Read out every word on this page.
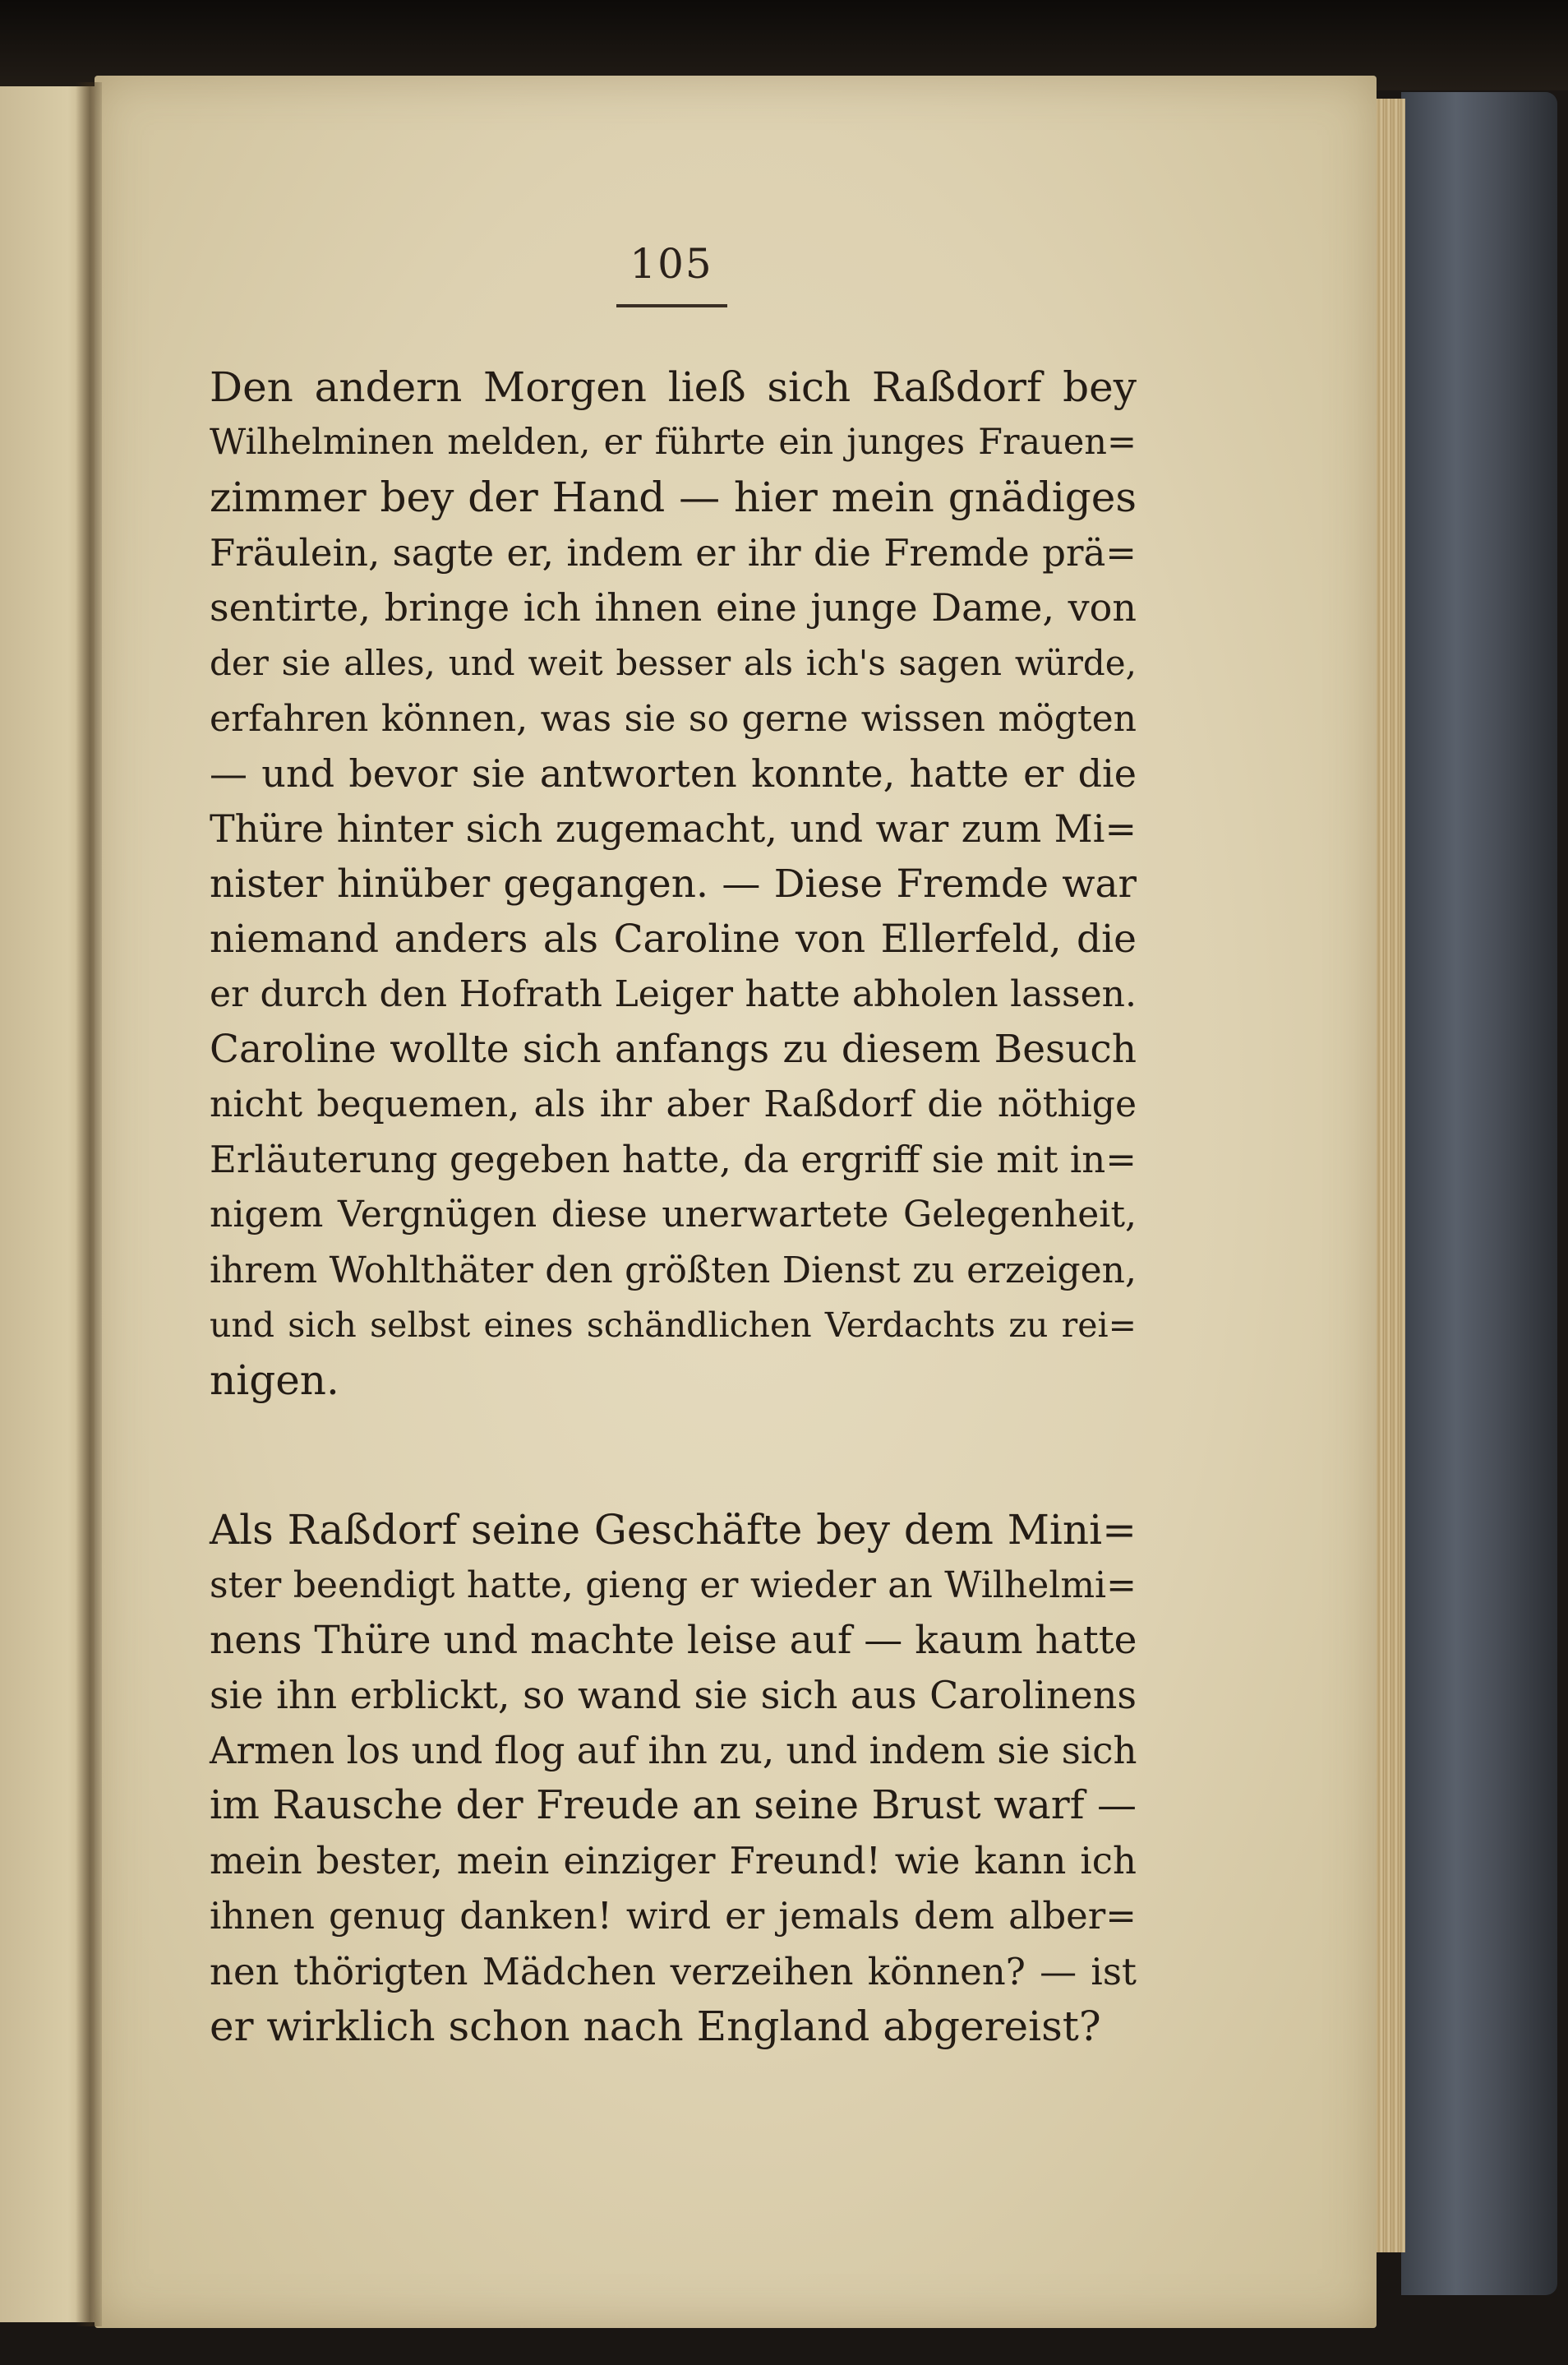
105
Den andern Morgen ließ sich Raßdorf bey
Wilhelminen melden, er führte ein junges Frauen=
zimmer bey der Hand — hier mein gnädiges
Fräulein, sagte er, indem er ihr die Fremde prä=
sentirte, bringe ich ihnen eine junge Dame, von
der sie alles, und weit besser als ich's sagen würde,
erfahren können, was sie so gerne wissen mögten
— und bevor sie antworten konnte, hatte er die
Thüre hinter sich zugemacht, und war zum Mi=
nister hinüber gegangen. — Diese Fremde war
niemand anders als Caroline von Ellerfeld, die
er durch den Hofrath Leiger hatte abholen lassen.
Caroline wollte sich anfangs zu diesem Besuch
nicht bequemen, als ihr aber Raßdorf die nöthige
Erläuterung gegeben hatte, da ergriff sie mit in=
nigem Vergnügen diese unerwartete Gelegenheit,
ihrem Wohlthäter den größten Dienst zu erzeigen,
und sich selbst eines schändlichen Verdachts zu rei=
nigen.
Als Raßdorf seine Geschäfte bey dem Mini=
ster beendigt hatte, gieng er wieder an Wilhelmi=
nens Thüre und machte leise auf — kaum hatte
sie ihn erblickt, so wand sie sich aus Carolinens
Armen los und flog auf ihn zu, und indem sie sich
im Rausche der Freude an seine Brust warf —
mein bester, mein einziger Freund! wie kann ich
ihnen genug danken! wird er jemals dem alber=
nen thörigten Mädchen verzeihen können? — ist
er wirklich schon nach England abgereist?
